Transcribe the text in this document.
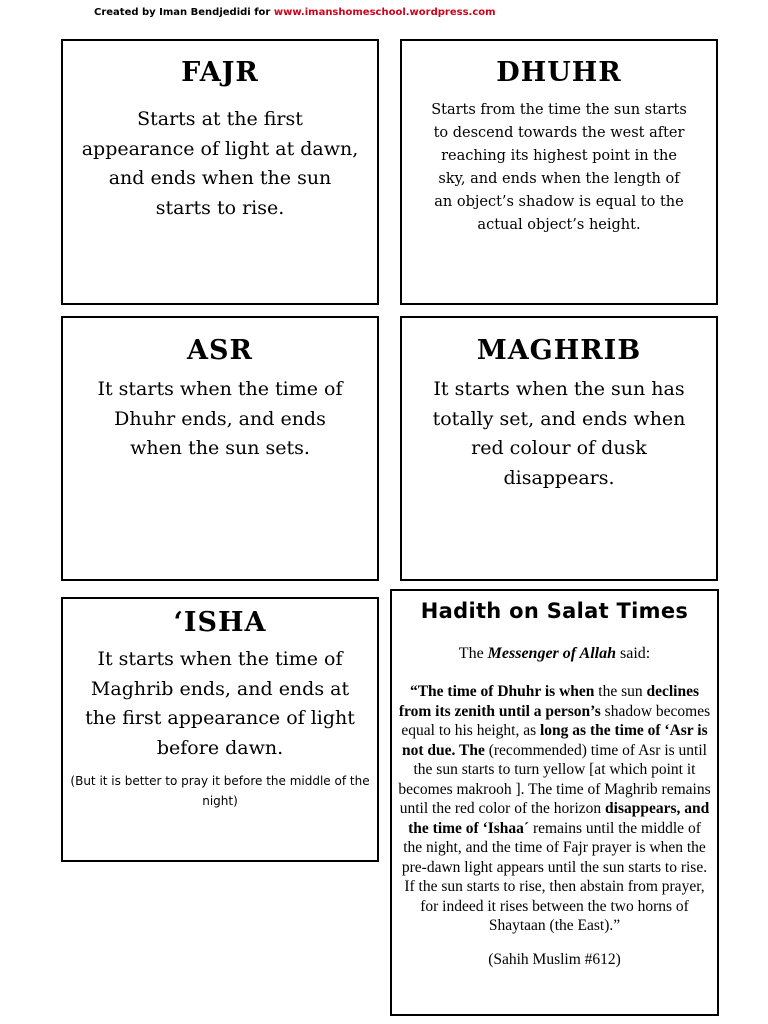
Created by Iman Bendjedidi for www.imanshomeschool.wordpress.com
FAJR
Starts at the first appearance of light at dawn, and ends when the sun starts to rise.
DHUHR
Starts from the time the sun starts to descend towards the west after reaching its highest point in the sky, and ends when the length of an object’s shadow is equal to the actual object’s height.
ASR
It starts when the time of Dhuhr ends, and ends when the sun sets.
MAGHRIB
It starts when the sun has totally set, and ends when red colour of dusk disappears.
‘ISHA
It starts when the time of Maghrib ends, and ends at the first appearance of light before dawn.
(But it is better to pray it before the middle of the night)
Hadith on Salat Times
The Messenger of Allah said:
“The time of Dhuhr is when the sun declines from its zenith until a person’s shadow becomes equal to his height, as long as the time of ‘Asr is not due. The (recommended) time of Asr is until the sun starts to turn yellow [at which point it becomes makrooh ]. The time of Maghrib remains until the red color of the horizon disappears, and the time of ‘Ishaa´ remains until the middle of the night, and the time of Fajr prayer is when the pre-dawn light appears until the sun starts to rise. If the sun starts to rise, then abstain from prayer, for indeed it rises between the two horns of Shaytaan (the East).”
(Sahih Muslim #612)
